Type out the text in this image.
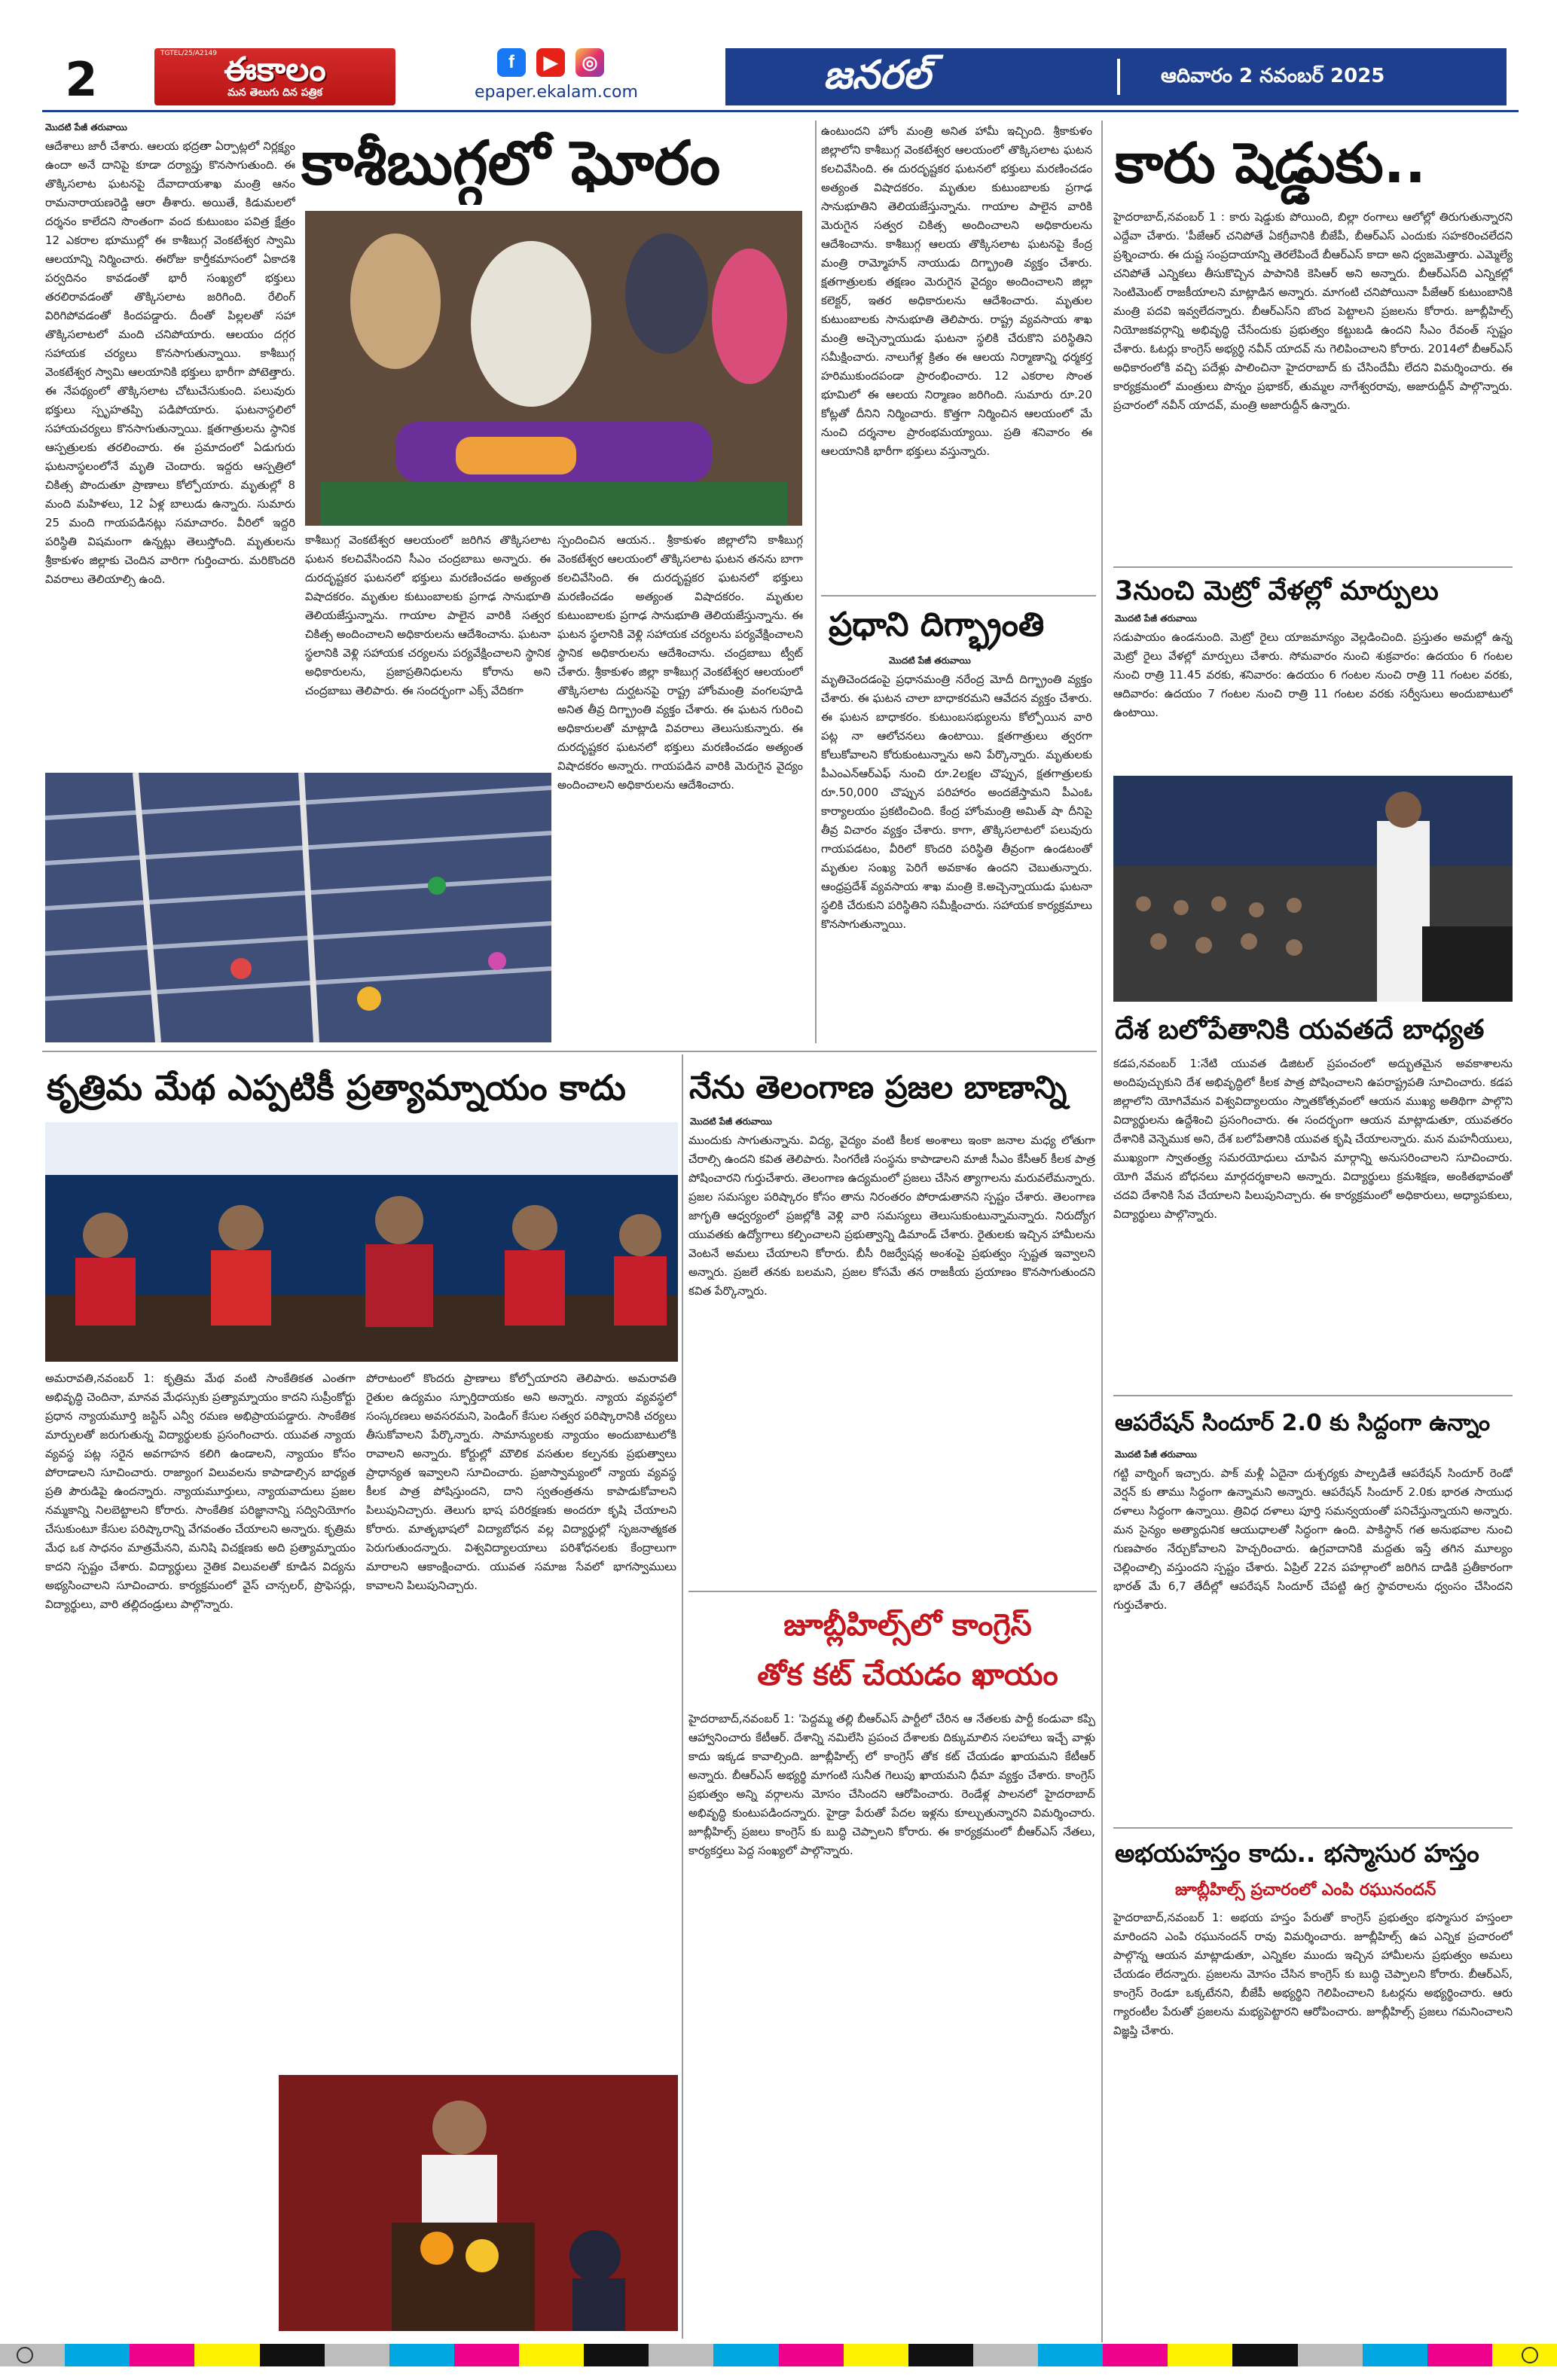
2	TGTEL/25/A2149 ఈకాలం
మన తెలుగు దిన పత్రిక
f	▶	◎
epaper.ekalam.com	జనరల్	ఆదివారం 2 నవంబర్ 2025
మొదటి పేజీ తరువాయి
ఆదేశాలు జారీ చేశారు. ఆలయ భద్రతా ఏర్పాట్లలో నిర్లక్ష్యం ఉందా అనే దానిపై కూడా దర్యాప్తు కొనసాగుతుంది. ఈ తొక్కిసలాట ఘటనపై దేవాదాయశాఖ మంత్రి ఆనం రామనారాయణరెడ్డి ఆరా తీశారు. అయితే, కిడుమలలో దర్శనం కాలేదని సొంతంగా వంద కుటుంబం పవిత్ర క్షేత్రం 12 ఎకరాల భూముల్లో ఈ కాశీబుగ్గ వెంకటేశ్వర స్వామి ఆలయాన్ని నిర్మించారు. ఈరోజు కార్తీకమాసంలో ఏకాదశి పర్వదినం కావడంతో భారీ సంఖ్యలో భక్తులు తరలిరావడంతో తొక్కిసలాట జరిగింది. రేలింగ్ విరిగిపోవడంతో కిందపడ్డారు. దీంతో పిల్లలతో సహా తొక్కిసలాటలో మంది చనిపోయారు. ఆలయం దగ్గర సహాయక చర్యలు కొనసాగుతున్నాయి. కాశీబుగ్గ వెంకటేశ్వర స్వామి ఆలయానికి భక్తులు భారీగా పోటెత్తారు. ఈ నేపథ్యంలో తొక్కిసలాట చోటుచేసుకుంది. పలువురు భక్తులు స్పృహతప్పి పడిపోయారు. ఘటనాస్థలిలో సహాయచర్యలు కొనసాగుతున్నాయి. క్షతగాత్రులను స్థానిక ఆస్పత్రులకు తరలించారు. ఈ ప్రమాదంలో ఏడుగురు ఘటనాస్థలంలోనే మృతి చెందారు. ఇద్దరు ఆస్పత్రిలో చికిత్స పొందుతూ ప్రాణాలు కోల్పోయారు. మృతుల్లో 8 మంది మహిళలు, 12 ఏళ్ల బాలుడు ఉన్నారు. సుమారు 25 మంది గాయపడినట్లు సమాచారం. వీరిలో ఇద్దరి పరిస్థితి విషమంగా ఉన్నట్లు తెలుస్తోంది. మృతులను శ్రీకాకుళం జిల్లాకు చెందిన వారిగా గుర్తించారు. మరికొందరి వివరాలు తెలియాల్సి ఉంది.
కాశీబుగ్గలో ఘోరం
కాశీబుగ్గ వెంకటేశ్వర ఆలయంలో జరిగిన తొక్కిసలాట ఘటన కలచివేసిందని సీఎం చంద్రబాబు అన్నారు. ఈ దురదృష్టకర ఘటనలో భక్తులు మరణించడం అత్యంత విషాదకరం. మృతుల కుటుంబాలకు ప్రగాఢ సానుభూతి తెలియజేస్తున్నాను. గాయాల పాలైన వారికి సత్వర చికిత్స అందించాలని అధికారులను ఆదేశించాను. ఘటనా స్థలానికి వెళ్లి సహాయక చర్యలను పర్యవేక్షించాలని స్థానిక అధికారులను, ప్రజాప్రతినిధులను కోరాను అని చంద్రబాబు తెలిపారు. ఈ సందర్భంగా ఎక్స్ వేదికగా
స్పందించిన ఆయన.. శ్రీకాకుళం జిల్లాలోని కాశీబుగ్గ వెంకటేశ్వర ఆలయంలో తొక్కిసలాట ఘటన తనను బాగా కలచివేసింది. ఈ దురదృష్టకర ఘటనలో భక్తులు మరణించడం అత్యంత విషాదకరం. మృతుల కుటుంబాలకు ప్రగాఢ సానుభూతి తెలియజేస్తున్నాను. ఈ ఘటన స్థలానికి వెళ్లి సహాయక చర్యలను పర్యవేక్షించాలని స్థానిక అధికారులను ఆదేశించాను. చంద్రబాబు ట్వీట్ చేశారు. శ్రీకాకుళం జిల్లా కాశీబుగ్గ వెంకటేశ్వర ఆలయంలో తొక్కిసలాట దుర్ఘటనపై రాష్ట్ర హోంమంత్రి వంగలపూడి అనిత తీవ్ర దిగ్భ్రాంతి వ్యక్తం చేశారు. ఈ ఘటన గురించి అధికారులతో మాట్లాడి వివరాలు తెలుసుకున్నారు. ఈ దురదృష్టకర ఘటనలో భక్తులు మరణించడం అత్యంత విషాదకరం అన్నారు. గాయపడిన వారికి మెరుగైన వైద్యం అందించాలని అధికారులను ఆదేశించారు.
ఉంటుందని హోం మంత్రి అనిత హామీ ఇచ్చింది. శ్రీకాకుళం జిల్లాలోని కాశీబుగ్గ వెంకటేశ్వర ఆలయంలో తొక్కిసలాట ఘటన కలచివేసింది. ఈ దురదృష్టకర ఘటనలో భక్తులు మరణించడం అత్యంత విషాదకరం. మృతుల కుటుంబాలకు ప్రగాఢ సానుభూతిని తెలియజేస్తున్నాను. గాయాల పాలైన వారికి మెరుగైన సత్వర చికిత్స అందించాలని అధికారులను ఆదేశించాను. కాశీబుగ్గ ఆలయ తొక్కిసలాట ఘటనపై కేంద్ర మంత్రి రామ్మోహన్ నాయుడు దిగ్భ్రాంతి వ్యక్తం చేశారు. క్షతగాత్రులకు తక్షణం మెరుగైన వైద్యం అందించాలని జిల్లా కలెక్టర్, ఇతర అధికారులను ఆదేశించారు. మృతుల కుటుంబాలకు సానుభూతి తెలిపారు. రాష్ట్ర వ్యవసాయ శాఖ మంత్రి అచ్చెన్నాయుడు ఘటనా స్థలికి చేరుకొని పరిస్థితిని సమీక్షించారు. నాలుగేళ్ల క్రితం ఈ ఆలయ నిర్మాణాన్ని ధర్మకర్త హరిముకుందపండా ప్రారంభించారు. 12 ఎకరాల సొంత భూమిలో ఈ ఆలయ నిర్మాణం జరిగింది. సుమారు రూ.20 కోట్లతో దీనిని నిర్మించారు. కొత్తగా నిర్మించిన ఆలయంలో మే నుంచి దర్శనాల ప్రారంభమయ్యాయి. ప్రతి శనివారం ఈ ఆలయానికి భారీగా భక్తులు వస్తున్నారు.
ప్రధాని దిగ్భ్రాంతి
మొదటి పేజీ తరువాయి
మృతిచెందడంపై ప్రధానమంత్రి నరేంద్ర మోదీ దిగ్భ్రాంతి వ్యక్తం చేశారు. ఈ ఘటన చాలా బాధాకరమని ఆవేదన వ్యక్తం చేశారు. ఈ ఘటన బాధాకరం. కుటుంబసభ్యులను కోల్పోయిన వారి పట్ల నా ఆలోచనలు ఉంటాయి. క్షతగాత్రులు త్వరగా కోలుకోవాలని కోరుకుంటున్నాను అని పేర్కొన్నారు. మృతులకు పీఎంఎన్ఆర్‌ఎఫ్ నుంచి రూ.2లక్షల చొప్పున, క్షతగాత్రులకు రూ.50,000 చొప్పున పరిహారం అందజేస్తామని పీఎంఓ కార్యాలయం ప్రకటించింది. కేంద్ర హోంమంత్రి అమిత్ షా దీనిపై తీవ్ర విచారం వ్యక్తం చేశారు. కాగా, తొక్కిసలాటలో పలువురు గాయపడటం, వీరిలో కొందరి పరిస్థితి తీవ్రంగా ఉండటంతో మృతుల సంఖ్య పెరిగే అవకాశం ఉందని చెబుతున్నారు. ఆంధ్రప్రదేశ్ వ్యవసాయ శాఖ మంత్రి కె.అచ్చెన్నాయుడు ఘటనా స్థలికి చేరుకుని పరిస్థితిని సమీక్షించారు. సహాయక కార్యక్రమాలు కొనసాగుతున్నాయి.
కారు షెడ్డుకు..
హైదరాబాద్,నవంబర్ 1 : కారు షెడ్డుకు పోయింది, బిల్లా రంగాలు ఆలోల్లో తిరుగుతున్నారని ఎద్దేవా చేశారు. 'పీజేఆర్ చనిపోతే ఏకగ్రీవానికి బీజేపీ, బీఆర్ఎస్ ఎందుకు సహకరించలేదని ప్రశ్నించారు. ఈ దుష్ట సంప్రదాయాన్ని తెరలేపిందే బీఆర్ఎస్ కాదా అని ధ్వజమెత్తారు. ఎమ్మెల్యే చనిపోతే ఎన్నికలు తీసుకొచ్చిన పాపానికి కెసిఆర్ అని అన్నారు. బీఆర్ఎస్‌ది ఎన్నికల్లో సెంటిమెంట్ రాజకీయాలని మాట్లాడిన అన్నారు. మాగంటి చనిపోయినా పీజేఆర్ కుటుంబానికి మంత్రి పదవి ఇవ్వలేదన్నారు. బీఆర్ఎస్‌ని బొంద పెట్టాలని ప్రజలను కోరారు. జూబ్లీహిల్స్ నియోజకవర్గాన్ని అభివృద్ధి చేసేందుకు ప్రభుత్వం కట్టుబడి ఉందని సీఎం రేవంత్ స్పష్టం చేశారు. ఓటర్లు కాంగ్రెస్ అభ్యర్థి నవీన్ యాదవ్ ను గెలిపించాలని కోరారు. 2014లో బీఆర్ఎస్ అధికారంలోకి వచ్చి పదేళ్లు పాలించినా హైదరాబాద్ కు చేసిందేమీ లేదని విమర్శించారు. ఈ కార్యక్రమంలో మంత్రులు పొన్నం ప్రభాకర్, తుమ్మల నాగేశ్వరరావు, అజారుద్దీన్ పాల్గొన్నారు. ప్రచారంలో నవీన్ యాదవ్, మంత్రి అజారుద్దీన్ ఉన్నారు.
3నుంచి మెట్రో వేళల్లో మార్పులు
మొదటి పేజీ తరువాయి
సడుపాయం ఉండనుంది. మెట్రో రైలు యాజమాన్యం వెల్లడించింది. ప్రస్తుతం అమల్లో ఉన్న మెట్రో రైలు వేళల్లో మార్పులు చేశారు. సోమవారం నుంచి శుక్రవారం: ఉదయం 6 గంటల నుంచి రాత్రి 11.45 వరకు, శనివారం: ఉదయం 6 గంటల నుంచి రాత్రి 11 గంటల వరకు, ఆదివారం: ఉదయం 7 గంటల నుంచి రాత్రి 11 గంటల వరకు సర్వీసులు అందుబాటులో ఉంటాయి.
దేశ బలోపేతానికి యవతదే బాధ్యత
కడప,నవంబర్ 1:నేటి యువత డిజిటల్ ప్రపంచంలో అద్భుతమైన అవకాశాలను అందిపుచ్చుకుని దేశ అభివృద్ధిలో కీలక పాత్ర పోషించాలని ఉపరాష్ట్రపతి సూచించారు. కడప జిల్లాలోని యోగివేమన విశ్వవిద్యాలయం స్నాతకోత్సవంలో ఆయన ముఖ్య అతిథిగా పాల్గొని విద్యార్థులను ఉద్దేశించి ప్రసంగించారు. ఈ సందర్భంగా ఆయన మాట్లాడుతూ, యువతరం దేశానికి వెన్నెముక అని, దేశ బలోపేతానికి యువత కృషి చేయాలన్నారు. మన మహనీయులు, ముఖ్యంగా స్వాతంత్ర్య సమరయోధులు చూపిన మార్గాన్ని అనుసరించాలని సూచించారు. యోగి వేమన బోధనలు మార్గదర్శకాలని అన్నారు. విద్యార్థులు క్రమశిక్షణ, అంకితభావంతో చదవి దేశానికి సేవ చేయాలని పిలుపునిచ్చారు. ఈ కార్యక్రమంలో అధికారులు, అధ్యాపకులు, విద్యార్థులు పాల్గొన్నారు.
ఆపరేషన్ సిందూర్ 2.0 కు సిద్దంగా ఉన్నాం
మొదటి పేజీ తరువాయి
గట్టి వార్నింగ్ ఇచ్చారు. పాక్ మళ్లీ ఏదైనా దుశ్చర్యకు పాల్పడితే ఆపరేషన్ సిందూర్ రెండో వెర్షన్ కు తాము సిద్ధంగా ఉన్నామని అన్నారు. ఆపరేషన్ సిందూర్ 2.0కు భారత సాయుధ దళాలు సిద్ధంగా ఉన్నాయి. త్రివిధ దళాలు పూర్తి సమన్వయంతో పనిచేస్తున్నాయని అన్నారు. మన సైన్యం అత్యాధునిక ఆయుధాలతో సిద్ధంగా ఉంది. పాకిస్థాన్ గత అనుభవాల నుంచి గుణపాఠం నేర్చుకోవాలని హెచ్చరించారు. ఉగ్రవాదానికి మద్దతు ఇస్తే తగిన మూల్యం చెల్లించాల్సి వస్తుందని స్పష్టం చేశారు. ఏప్రిల్ 22న పహల్గాంలో జరిగిన దాడికి ప్రతీకారంగా భారత్ మే 6,7 తేదీల్లో ఆపరేషన్ సిందూర్ చేపట్టి ఉగ్ర స్థావరాలను ధ్వంసం చేసిందని గుర్తుచేశారు.
అభయహస్తం కాదు.. భస్మాసుర హస్తం
జూబ్లీహిల్స్ ప్రచారంలో ఎంపి రఘునందన్
హైదరాబాద్,నవంబర్ 1: అభయ హస్తం పేరుతో కాంగ్రెస్ ప్రభుత్వం భస్మాసుర హస్తంలా మారిందని ఎంపి రఘునందన్ రావు విమర్శించారు. జూబ్లీహిల్స్ ఉప ఎన్నిక ప్రచారంలో పాల్గొన్న ఆయన మాట్లాడుతూ, ఎన్నికల ముందు ఇచ్చిన హామీలను ప్రభుత్వం అమలు చేయడం లేదన్నారు. ప్రజలను మోసం చేసిన కాంగ్రెస్ కు బుద్ధి చెప్పాలని కోరారు. బీఆర్ఎస్, కాంగ్రెస్ రెండూ ఒక్కటేనని, బీజేపీ అభ్యర్థిని గెలిపించాలని ఓటర్లను అభ్యర్థించారు. ఆరు గ్యారంటీల పేరుతో ప్రజలను మభ్యపెట్టారని ఆరోపించారు. జూబ్లీహిల్స్ ప్రజలు గమనించాలని విజ్ఞప్తి చేశారు.
కృత్రిమ మేథ ఎప్పటికీ ప్రత్యామ్నాయం కాదు
అమరావతి,నవంబర్ 1: కృత్రిమ మేథ వంటి సాంకేతికత ఎంతగా అభివృద్ధి చెందినా, మానవ మేధస్సుకు ప్రత్యామ్నాయం కాదని సుప్రీంకోర్టు ప్రధాన న్యాయమూర్తి జస్టిస్ ఎన్వీ రమణ అభిప్రాయపడ్డారు. సాంకేతిక మార్పులతో జరుగుతున్న విద్యార్థులకు ప్రసంగించారు. యువత న్యాయ వ్యవస్థ పట్ల సరైన అవగాహన కలిగి ఉండాలని, న్యాయం కోసం పోరాడాలని సూచించారు. రాజ్యాంగ విలువలను కాపాడాల్సిన బాధ్యత ప్రతి పౌరుడిపై ఉందన్నారు. న్యాయమూర్తులు, న్యాయవాదులు ప్రజల నమ్మకాన్ని నిలబెట్టాలని కోరారు. సాంకేతిక పరిజ్ఞానాన్ని సద్వినియోగం చేసుకుంటూ కేసుల పరిష్కారాన్ని వేగవంతం చేయాలని అన్నారు. కృత్రిమ మేధ ఒక సాధనం మాత్రమేనని, మనిషి విచక్షణకు అది ప్రత్యామ్నాయం కాదని స్పష్టం చేశారు. విద్యార్థులు నైతిక విలువలతో కూడిన విద్యను అభ్యసించాలని సూచించారు. కార్యక్రమంలో వైస్ చాన్సలర్, ప్రొఫెసర్లు, విద్యార్థులు, వారి తల్లిదండ్రులు పాల్గొన్నారు.
పోరాటంలో కొందరు ప్రాణాలు కోల్పోయారని తెలిపారు. అమరావతి రైతుల ఉద్యమం స్ఫూర్తిదాయకం అని అన్నారు. న్యాయ వ్యవస్థలో సంస్కరణలు అవసరమని, పెండింగ్ కేసుల సత్వర పరిష్కారానికి చర్యలు తీసుకోవాలని పేర్కొన్నారు. సామాన్యులకు న్యాయం అందుబాటులోకి రావాలని అన్నారు. కోర్టుల్లో మౌలిక వసతుల కల్పనకు ప్రభుత్వాలు ప్రాధాన్యత ఇవ్వాలని సూచించారు. ప్రజాస్వామ్యంలో న్యాయ వ్యవస్థ కీలక పాత్ర పోషిస్తుందని, దాని స్వతంత్రతను కాపాడుకోవాలని పిలుపునిచ్చారు. తెలుగు భాష పరిరక్షణకు అందరూ కృషి చేయాలని కోరారు. మాతృభాషలో విద్యాబోధన వల్ల విద్యార్థుల్లో సృజనాత్మకత పెరుగుతుందన్నారు. విశ్వవిద్యాలయాలు పరిశోధనలకు కేంద్రాలుగా మారాలని ఆకాంక్షించారు. యువత సమాజ సేవలో భాగస్వాములు కావాలని పిలుపునిచ్చారు.
నేను తెలంగాణ ప్రజల బాణాన్ని
మొదటి పేజీ తరువాయి
ముందుకు సాగుతున్నాను. విద్య, వైద్యం వంటి కీలక అంశాలు ఇంకా జనాల మధ్య లోతుగా చేరాల్సి ఉందని కవిత తెలిపారు. సింగరేణి సంస్థను కాపాడాలని మాజీ సీఎం కేసీఆర్ కీలక పాత్ర పోషించారని గుర్తుచేశారు. తెలంగాణ ఉద్యమంలో ప్రజలు చేసిన త్యాగాలను మరువలేమన్నారు. ప్రజల సమస్యల పరిష్కారం కోసం తాను నిరంతరం పోరాడుతానని స్పష్టం చేశారు. తెలంగాణ జాగృతి ఆధ్వర్యంలో ప్రజల్లోకి వెళ్లి వారి సమస్యలు తెలుసుకుంటున్నామన్నారు. నిరుద్యోగ యువతకు ఉద్యోగాలు కల్పించాలని ప్రభుత్వాన్ని డిమాండ్ చేశారు. రైతులకు ఇచ్చిన హామీలను వెంటనే అమలు చేయాలని కోరారు. బీసీ రిజర్వేషన్ల అంశంపై ప్రభుత్వం స్పష్టత ఇవ్వాలని అన్నారు. ప్రజలే తనకు బలమని, ప్రజల కోసమే తన రాజకీయ ప్రయాణం కొనసాగుతుందని కవిత పేర్కొన్నారు.
జూబ్లీహిల్స్‌లో కాంగ్రెస్
తోక కట్ చేయడం ఖాయం
హైదరాబాద్,నవంబర్ 1: 'పెద్దమ్మ తల్లి బీఆర్ఎస్ పార్టీలో చేరిన ఆ నేతలకు పార్టీ కండువా కప్పి ఆహ్వానించారు కేటీఆర్. దేశాన్ని నమిలేసి ప్రపంచ దేశాలకు దిక్కుమాలిన సలహాలు ఇచ్చే వాళ్లు కాదు ఇక్కడ కావాల్సింది. జూబ్లీహిల్స్ లో కాంగ్రెస్ తోక కట్ చేయడం ఖాయమని కేటీఆర్ అన్నారు. బీఆర్ఎస్ అభ్యర్థి మాగంటి సునీత గెలుపు ఖాయమని ధీమా వ్యక్తం చేశారు. కాంగ్రెస్ ప్రభుత్వం అన్ని వర్గాలను మోసం చేసిందని ఆరోపించారు. రెండేళ్ల పాలనలో హైదరాబాద్ అభివృద్ధి కుంటుపడిందన్నారు. హైడ్రా పేరుతో పేదల ఇళ్లను కూల్చుతున్నారని విమర్శించారు. జూబ్లీహిల్స్ ప్రజలు కాంగ్రెస్ కు బుద్ధి చెప్పాలని కోరారు. ఈ కార్యక్రమంలో బీఆర్ఎస్ నేతలు, కార్యకర్తలు పెద్ద సంఖ్యలో పాల్గొన్నారు.
